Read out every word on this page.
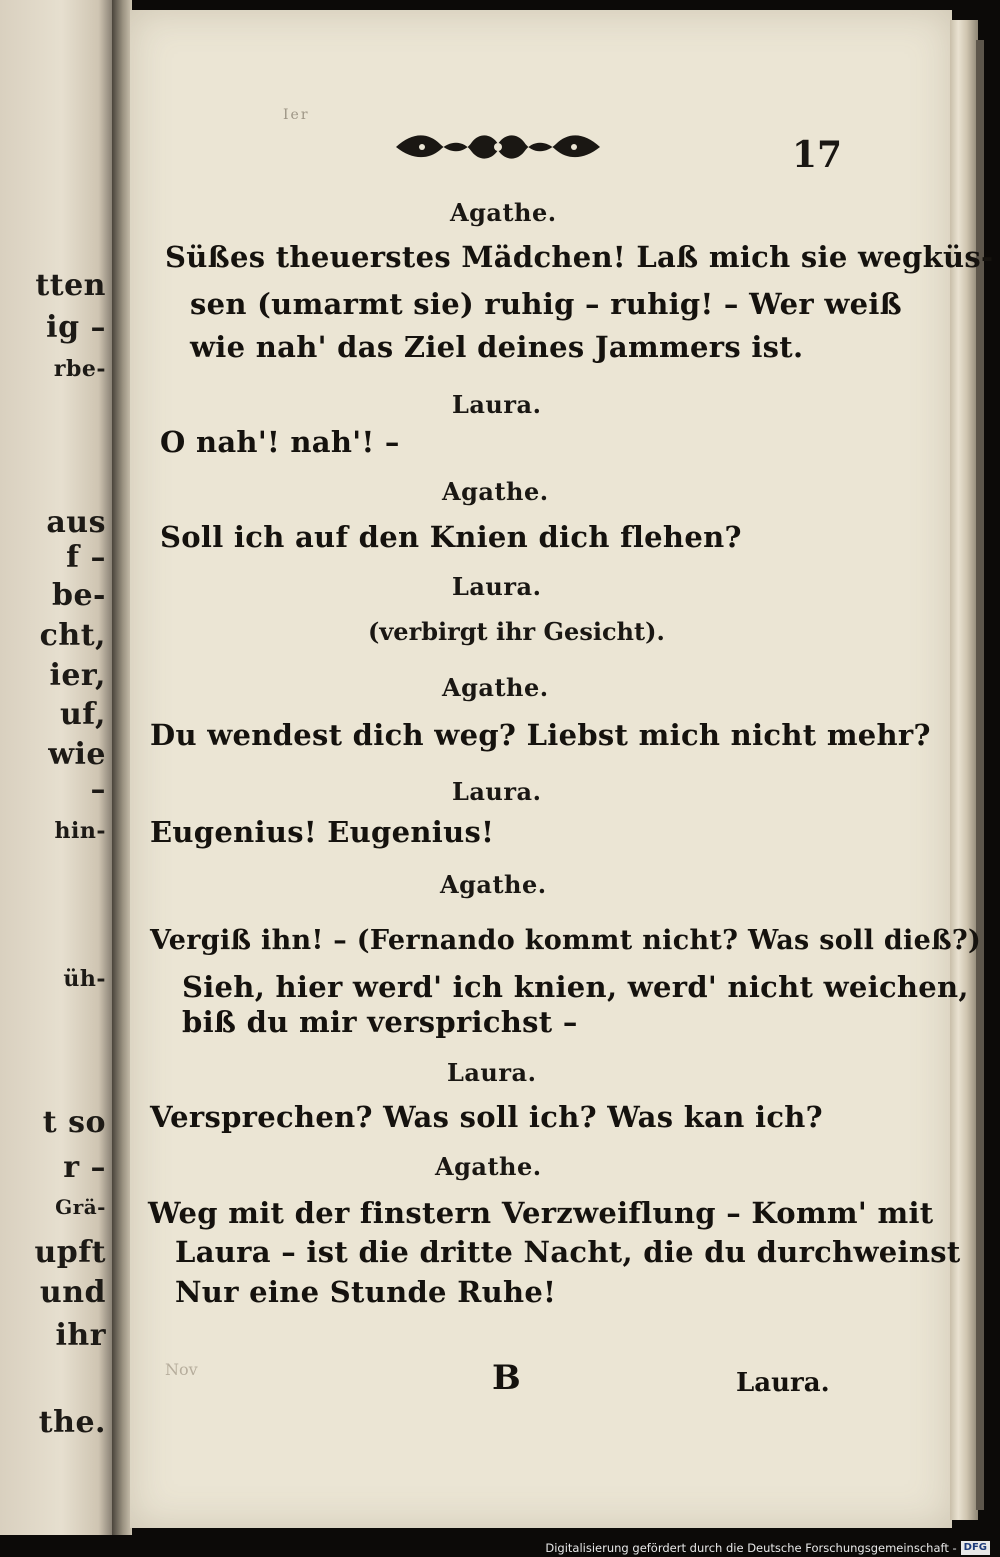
tten
ig –
rbe-
aus
f –
be-
cht,
ier,
uf,
wie
–
hin-
üh-
t so
r –
Grä-
upft
und
ihr
the.
Ier
17
Agathe.
Süßes theuerstes Mädchen! Laß mich sie wegküs-
sen (umarmt sie) ruhig – ruhig! – Wer weiß
wie nah' das Ziel deines Jammers ist.
Laura.
O nah'! nah'! –
Agathe.
Soll ich auf den Knien dich flehen?
Laura.
(verbirgt ihr Gesicht).
Agathe.
Du wendest dich weg? Liebst mich nicht mehr?
Laura.
Eugenius! Eugenius!
Agathe.
Vergiß ihn! – (Fernando kommt nicht? Was soll dieß?)
Sieh, hier werd' ich knien, werd' nicht weichen,
biß du mir versprichst –
Laura.
Versprechen? Was soll ich? Was kan ich?
Agathe.
Weg mit der finstern Verzweiflung – Komm' mit
Laura – ist die dritte Nacht, die du durchweinst
Nur eine Stunde Ruhe!
Nov	B	Laura.
Digitalisierung gefördert durch die Deutsche Forschungsgemeinschaft - DFG
